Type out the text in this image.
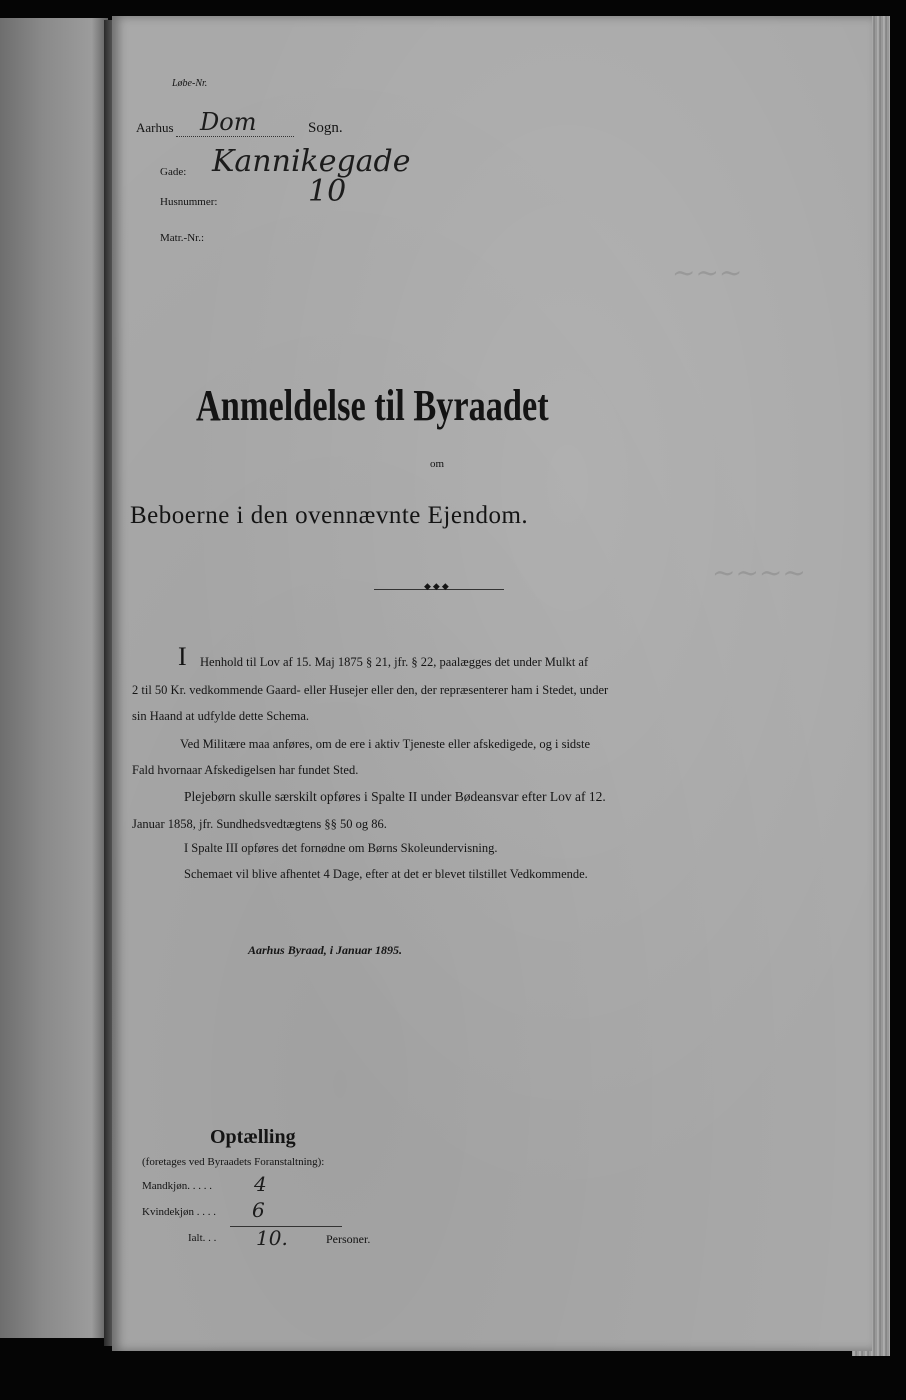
~~~
~~~~
Løbe-Nr.
Aarhus Dom	Sogn.
Gade: Kannikegade
Husnummer:	10
Matr.-Nr.:
Anmeldelse til Byraadet
om
Beboerne i den ovennævnte Ejendom.
◆◆◆
I Henhold til Lov af 15. Maj 1875 § 21, jfr. § 22, paalægges det under Mulkt af
2 til 50 Kr. vedkommende Gaard- eller Husejer eller den, der repræsenterer ham i Stedet, under
sin Haand at udfylde dette Schema.
Ved Militære maa anføres, om de ere i aktiv Tjeneste eller afskedigede, og i sidste
Fald hvornaar Afskedigelsen har fundet Sted.
Plejebørn skulle særskilt opføres i Spalte II under Bødeansvar efter Lov af 12.
Januar 1858, jfr. Sundhedsvedtægtens §§ 50 og 86.
I Spalte III opføres det fornødne om Børns Skoleundervisning.
Schemaet vil blive afhentet 4 Dage, efter at det er blevet tilstillet Vedkommende.
Aarhus Byraad, i Januar 1895.
Optælling
(foretages ved Byraadets Foranstaltning):
Mandkjøn. . . . . 4
Kvindekjøn . . . . 6
Ialt. . . 10.	Personer.
